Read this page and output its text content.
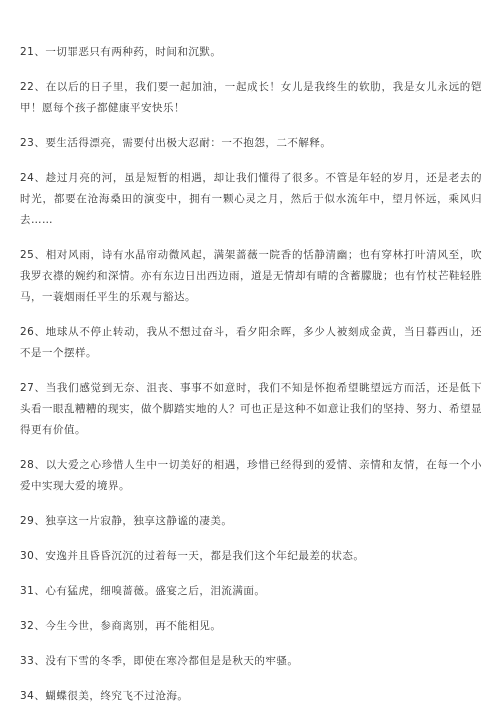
21、一切罪恶只有两种药，时间和沉默。

22、在以后的日子里，我们要一起加油，一起成长！女儿是我终生的软肋，我是女儿永远的铠甲！愿每个孩子都健康平安快乐！

23、要生活得漂亮，需要付出极大忍耐：一不抱怨，二不解释。

24、趁过月亮的河，虽是短暂的相遇，却让我们懂得了很多。不管是年轻的岁月，还是老去的时光，都要在沧海桑田的演变中，拥有一颗心灵之月，然后于似水流年中，望月怀远，乘风归去……

25、相对风雨，诗有水晶帘动微风起，满架蔷薇一院香的恬静清幽；也有穿林打叶清风至，吹我罗衣襟的婉约和深情。亦有东边日出西边雨，道是无情却有晴的含蓄朦胧；也有竹杖芒鞋轻胜马，一蓑烟雨任平生的乐观与豁达。

26、地球从不停止转动，我从不想过奋斗，看夕阳余晖，多少人被刻成金黄，当日暮西山，还不是一个摆样。

27、当我们感觉到无奈、沮丧、事事不如意时，我们不知是怀抱希望眺望远方而活，还是低下头看一眼乱糟糟的现实，做个脚踏实地的人？可也正是这种不如意让我们的坚持、努力、希望显得更有价值。

28、以大爱之心珍惜人生中一切美好的相遇，珍惜已经得到的爱情、亲情和友情，在每一个小爱中实现大爱的境界。

29、独享这一片寂静，独享这静谧的凄美。

30、安逸并且昏昏沉沉的过着每一天，都是我们这个年纪最差的状态。

31、心有猛虎，细嗅蔷薇。盛宴之后，泪流满面。

32、今生今世，参商离别，再不能相见。

33、没有下雪的冬季，即使在寒冷都但是是秋天的牢骚。

34、蝴蝶很美，终究飞不过沧海。
